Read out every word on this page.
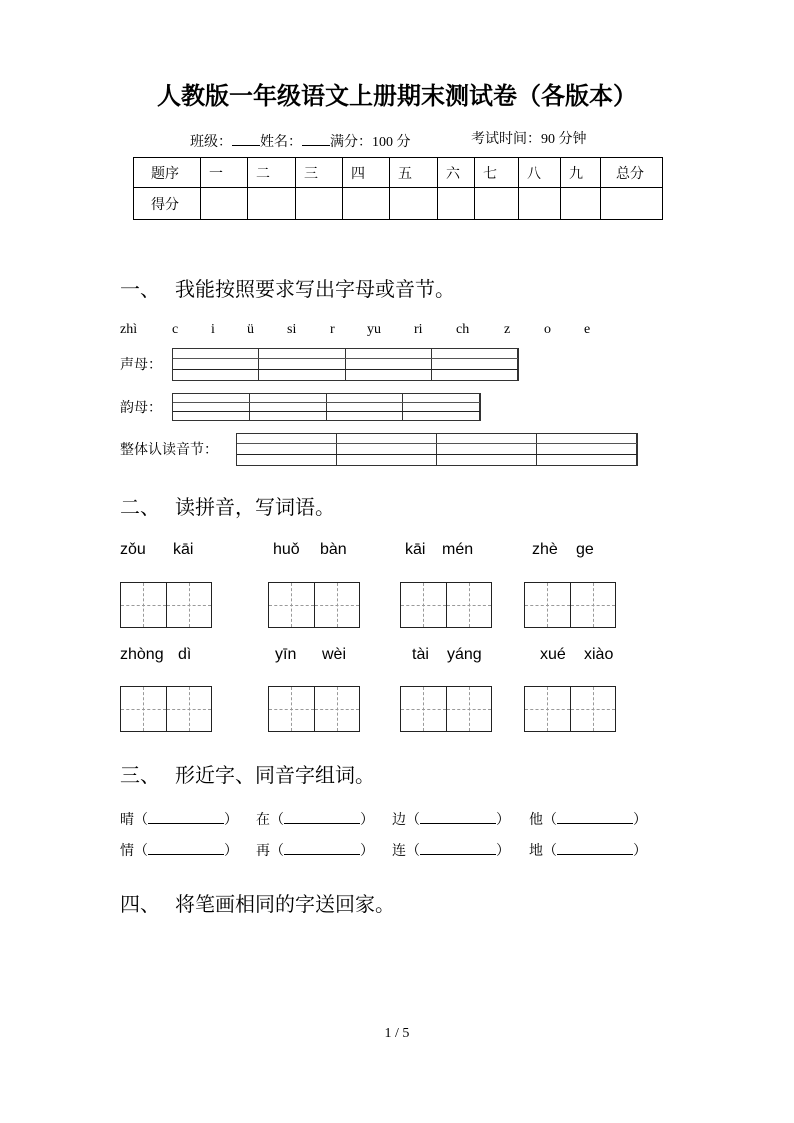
人教版一年级语文上册期末测试卷（各版本）
班级： 姓名： 满分：100 分	考试时间：90 分钟
题序	一	二	三	四	五	六	七	八	九	总分
得分										
一、 我能按照要求写出字母或音节。
zhì c i ü si r yu ri ch z o e
声母：
韵母：
整体认读音节：
二、 读拼音，写词语。
zǒu kāi	huǒ bàn	kāi mén	zhè ge
zhòng dì	yīn wèi	tài yáng	xué xiào
三、 形近字、同音字组词。
晴 （	） 在 （	） 边 （	） 他 （	）
情 （	） 再 （	） 连 （	） 地 （	）
四、 将笔画相同的字送回家。
1 / 5
